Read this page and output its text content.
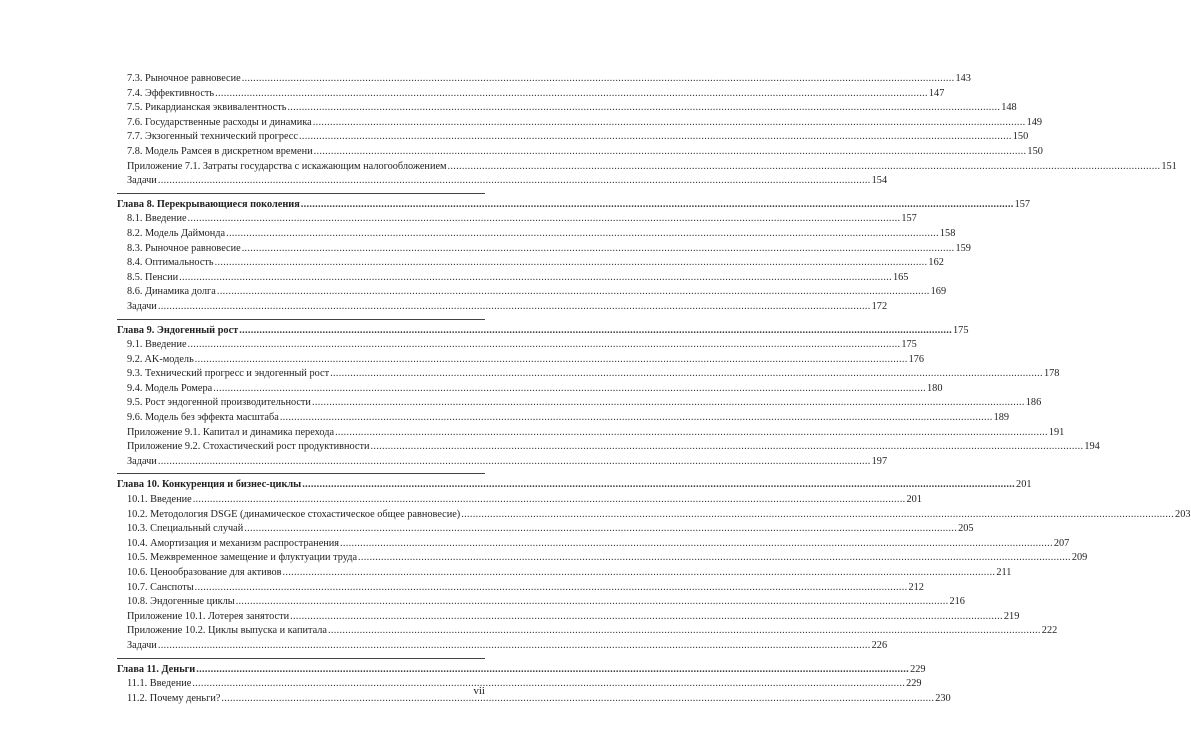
7.3. Рыночное равновесие .....	143
7.4. Эффективность .....	147
7.5. Рикардианская эквивалентность .....	148
7.6. Государственные расходы и динамика .....	149
7.7. Экзогенный технический прогресс .....	150
7.8. Модель Рамсея в дискретном времени .....	150
Приложение 7.1. Затраты государства с искажающим налогообложением .....	151
Задачи .....	154
Глава 8. Перекрывающиеся поколения .....	157
8.1. Введение .....	157
8.2. Модель Даймонда .....	158
8.3. Рыночное равновесие .....	159
8.4. Оптимальность .....	162
8.5. Пенсии .....	165
8.6. Динамика долга .....	169
Задачи .....	172
Глава 9. Эндогенный рост .....	175
9.1. Введение .....	175
9.2. AK-модель .....	176
9.3. Технический прогресс и эндогенный рост .....	178
9.4. Модель Ромера .....	180
9.5. Рост эндогенной производительности .....	186
9.6. Модель без эффекта масштаба .....	189
Приложение 9.1. Капитал и динамика перехода .....	191
Приложение 9.2. Стохастический рост продуктивности .....	194
Задачи .....	197
Глава 10. Конкуренция и бизнес-циклы .....	201
10.1. Введение .....	201
10.2. Методология DSGE (динамическое стохастическое общее равновесие) .....	203
10.3. Специальный случай .....	205
10.4. Амортизация и механизм распространения .....	207
10.5. Межвременное замещение и флуктуации труда .....	209
10.6. Ценообразование для активов .....	211
10.7. Санспоты .....	212
10.8. Эндогенные циклы .....	216
Приложение 10.1. Лотерея занятости .....	219
Приложение 10.2. Циклы выпуска и капитала .....	222
Задачи .....	226
Глава 11. Деньги .....	229
11.1. Введение .....	229
11.2. Почему деньги? .....	230
vii
